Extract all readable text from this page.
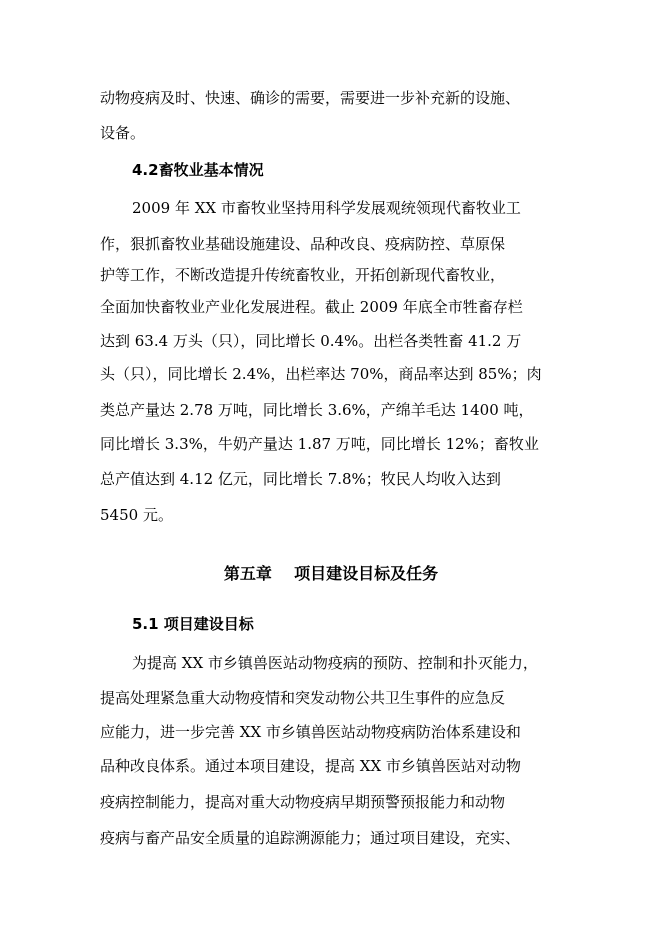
动物疫病及时、快速、确诊的需要，需要进一步补充新的设施、
设备。
4.2畜牧业基本情况
2009 年 XX 市畜牧业坚持用科学发展观统领现代畜牧业工
作，狠抓畜牧业基础设施建设、品种改良、疫病防控、草原保
护等工作，不断改造提升传统畜牧业，开拓创新现代畜牧业，
全面加快畜牧业产业化发展进程。截止 2009 年底全市牲畜存栏
达到 63.4 万头（只），同比增长 0.4%。出栏各类牲畜 41.2 万
头（只），同比增长 2.4%，出栏率达 70%，商品率达到 85%；肉
类总产量达 2.78 万吨，同比增长 3.6%，产绵羊毛达 1400 吨，
同比增长 3.3%，牛奶产量达 1.87 万吨，同比增长 12%；畜牧业
总产值达到 4.12 亿元，同比增长 7.8%；牧民人均收入达到
5450 元。
第五章    项目建设目标及任务
5.1 项目建设目标
为提高 XX 市乡镇兽医站动物疫病的预防、控制和扑灭能力，
提高处理紧急重大动物疫情和突发动物公共卫生事件的应急反
应能力，进一步完善 XX 市乡镇兽医站动物疫病防治体系建设和
品种改良体系。通过本项目建设，提高 XX 市乡镇兽医站对动物
疫病控制能力，提高对重大动物疫病早期预警预报能力和动物
疫病与畜产品安全质量的追踪溯源能力；通过项目建设，充实、
